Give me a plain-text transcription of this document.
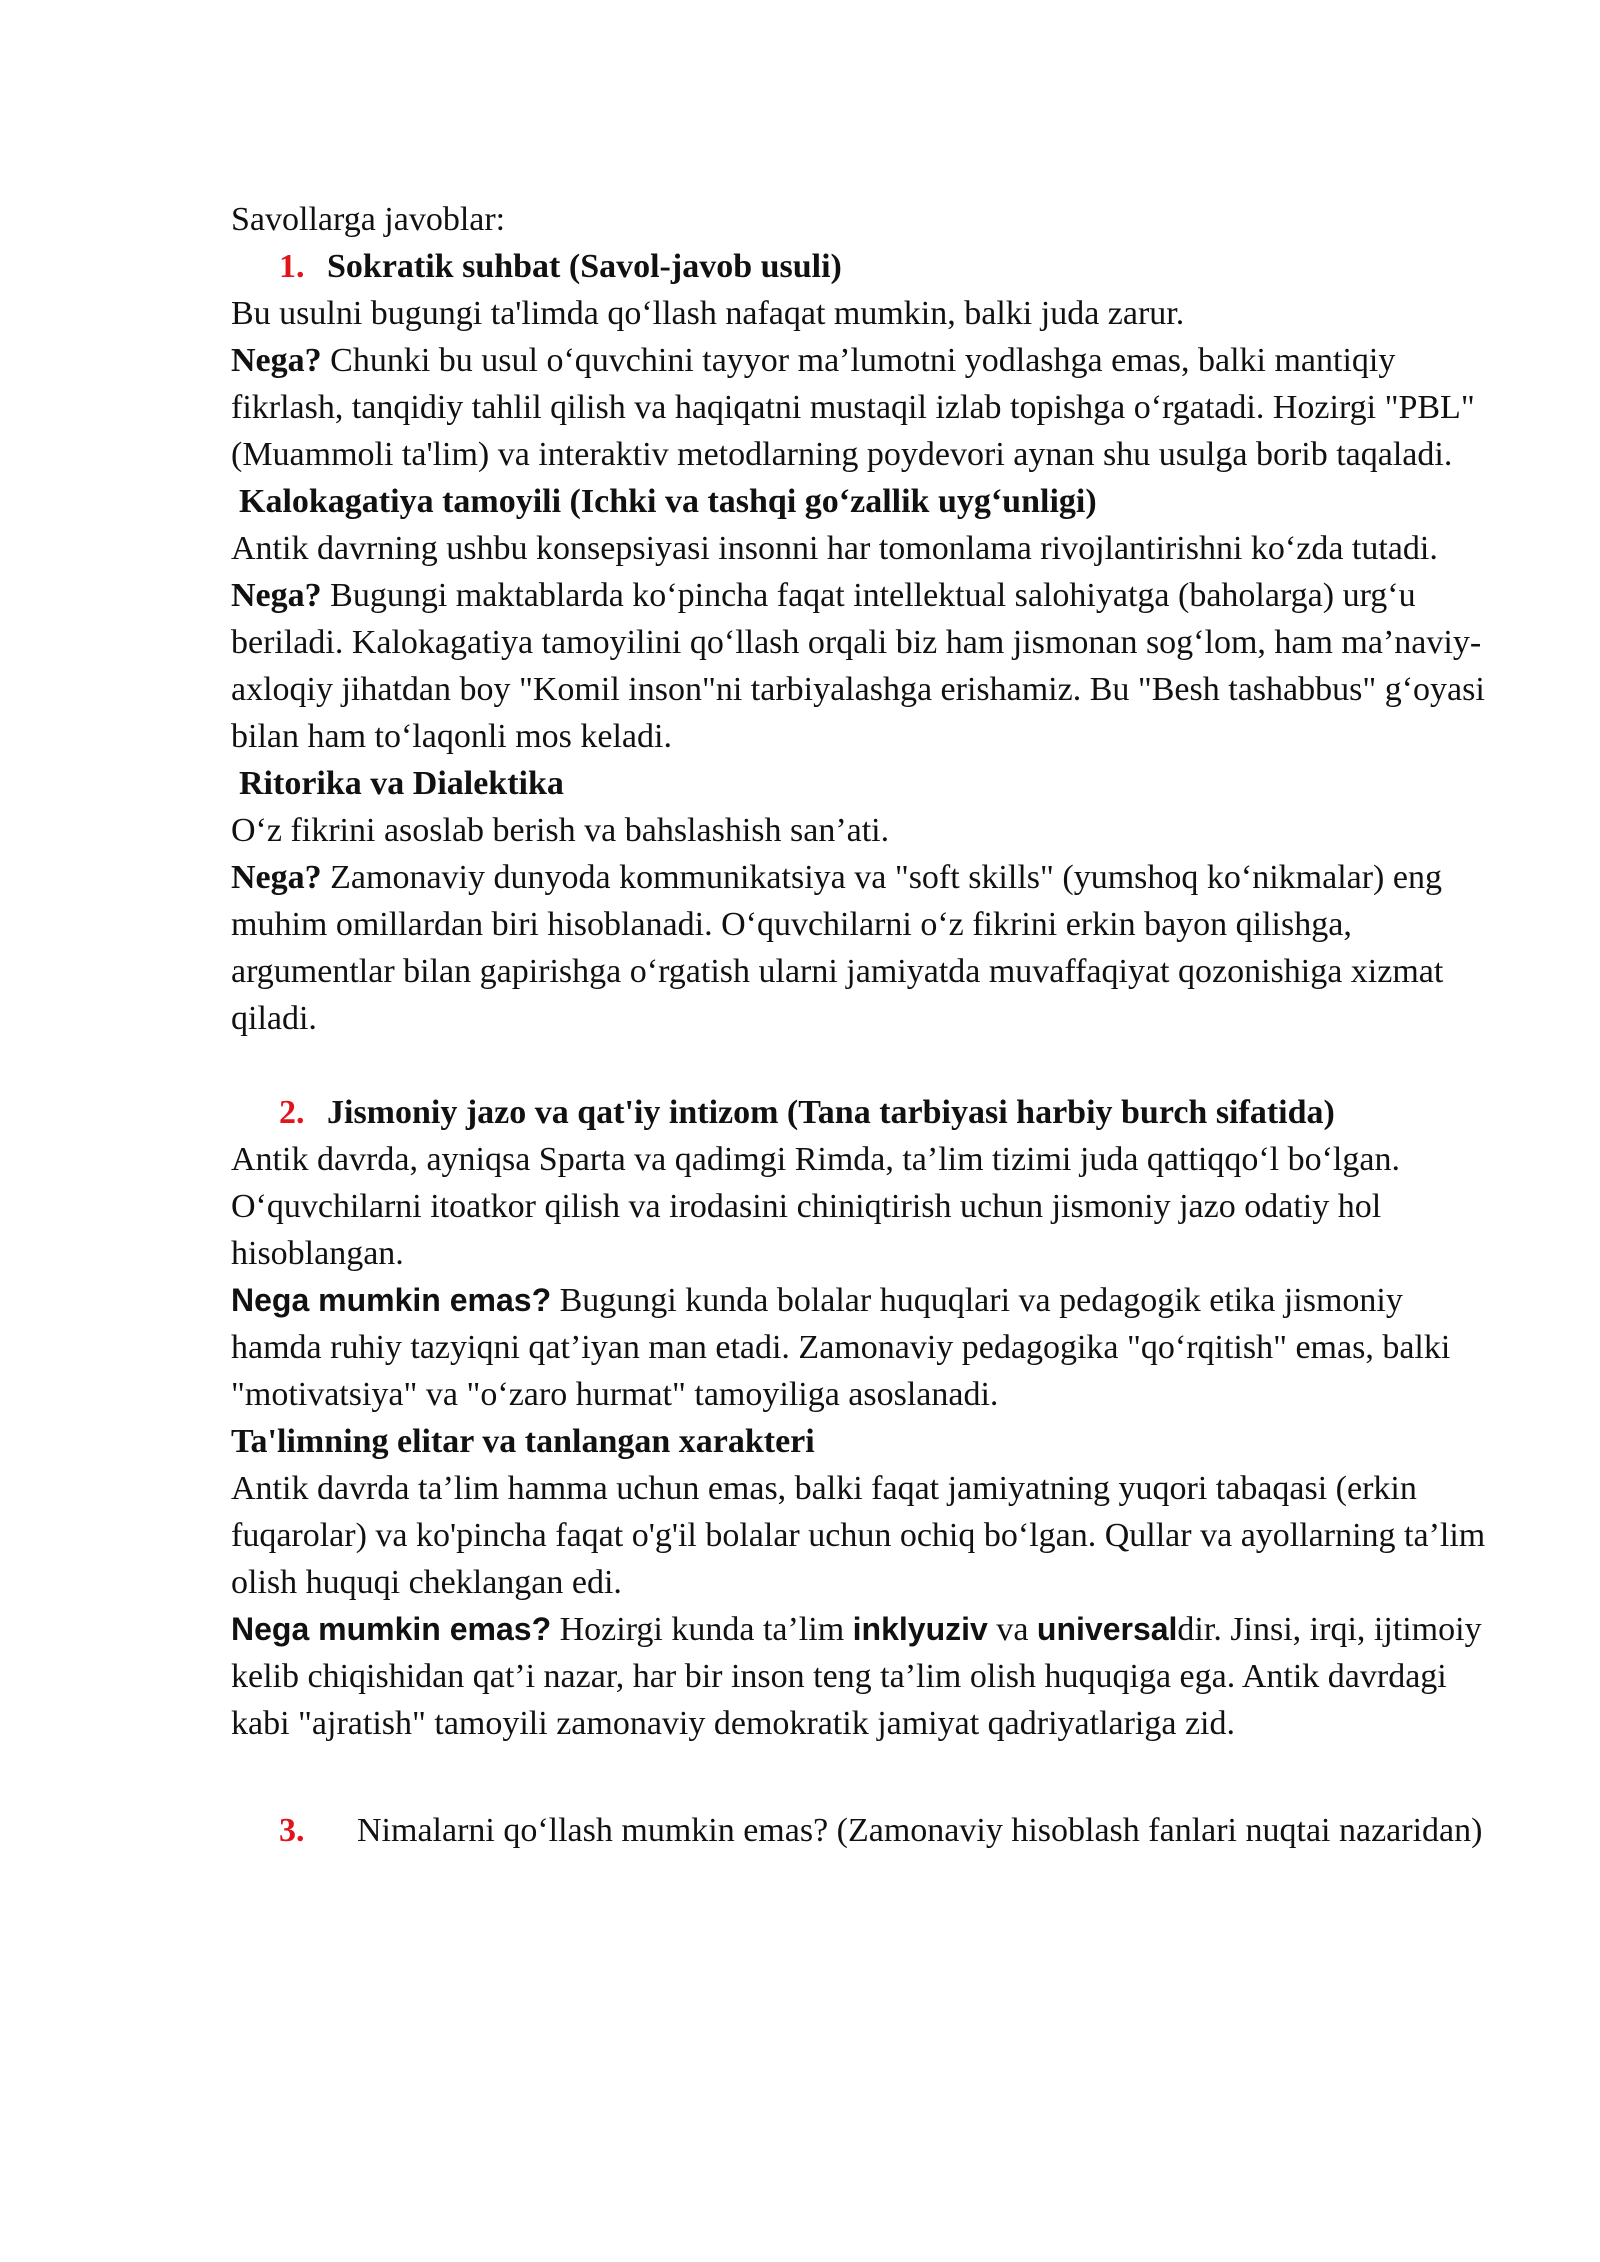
Savollarga javoblar:

1. Sokratik suhbat (Savol-javob usuli)

Bu usulni bugungi ta'limda qo‘llash nafaqat mumkin, balki juda zarur.

Nega? Chunki bu usul o‘quvchini tayyor ma’lumotni yodlashga emas, balki mantiqiy fikrlash, tanqidiy tahlil qilish va haqiqatni mustaqil izlab topishga o‘rgatadi. Hozirgi "PBL" (Muammoli ta'lim) va interaktiv metodlarning poydevori aynan shu usulga borib taqaladi.

Kalokagatiya tamoyili (Ichki va tashqi go‘zallik uyg‘unligi)

Antik davrning ushbu konsepsiyasi insonni har tomonlama rivojlantirishni ko‘zda tutadi.

Nega? Bugungi maktablarda ko‘pincha faqat intellektual salohiyatga (baholarga) urg‘u beriladi. Kalokagatiya tamoyilini qo‘llash orqali biz ham jismonan sog‘lom, ham ma’naviy-axloqiy jihatdan boy "Komil inson"ni tarbiyalashga erishamiz. Bu "Besh tashabbus" g‘oyasi bilan ham to‘laqonli mos keladi.

Ritorika va Dialektika

O‘z fikrini asoslab berish va bahslashish san’ati.

Nega? Zamonaviy dunyoda kommunikatsiya va "soft skills" (yumshoq ko‘nikmalar) eng muhim omillardan biri hisoblanadi. O‘quvchilarni o‘z fikrini erkin bayon qilishga, argumentlar bilan gapirishga o‘rgatish ularni jamiyatda muvaffaqiyat qozonishiga xizmat qiladi.

2. Jismoniy jazo va qat'iy intizom (Tana tarbiyasi harbiy burch sifatida)

Antik davrda, ayniqsa Sparta va qadimgi Rimda, ta’lim tizimi juda qattiqqo‘l bo‘lgan. O‘quvchilarni itoatkor qilish va irodasini chiniqtirish uchun jismoniy jazo odatiy hol hisoblangan.

Nega mumkin emas? Bugungi kunda bolalar huquqlari va pedagogik etika jismoniy hamda ruhiy tazyiqni qat’iyan man etadi. Zamonaviy pedagogika "qo‘rqitish" emas, balki "motivatsiya" va "o‘zaro hurmat" tamoyiliga asoslanadi.

Ta'limning elitar va tanlangan xarakteri

Antik davrda ta’lim hamma uchun emas, balki faqat jamiyatning yuqori tabaqasi (erkin fuqarolar) va ko'pincha faqat o'g'il bolalar uchun ochiq bo‘lgan. Qullar va ayollarning ta’lim olish huquqi cheklangan edi.

Nega mumkin emas? Hozirgi kunda ta’lim inklyuziv va universaldir. Jinsi, irqi, ijtimoiy kelib chiqishidan qat’i nazar, har bir inson teng ta’lim olish huquqiga ega. Antik davrdagi kabi "ajratish" tamoyili zamonaviy demokratik jamiyat qadriyatlariga zid.

3.	Nimalarni qo‘llash mumkin emas? (Zamonaviy hisoblash fanlari nuqtai nazaridan)
